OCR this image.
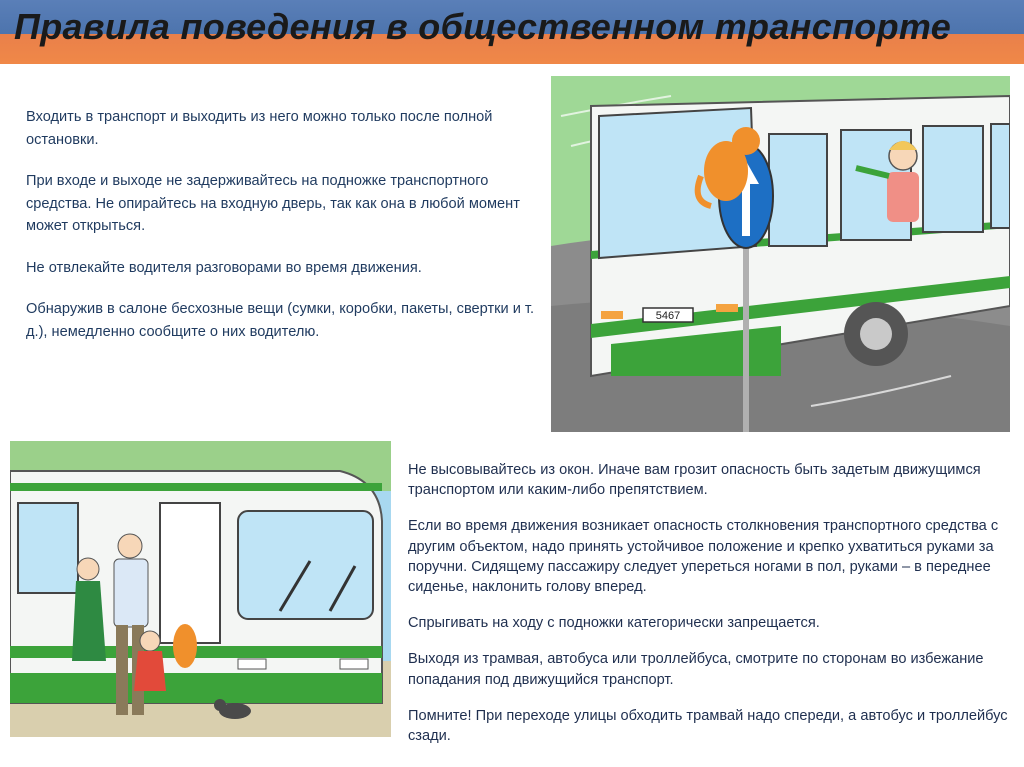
Правила поведения в общественном транспорте

Входить в транспорт и выходить из него можно только после полной остановки.

При входе и выходе не задерживайтесь на подножке транспортного средства. Не опирайтесь на входную дверь, так как она в любой момент может открыться.

Не отвлекайте водителя разговорами во время движения.

Обнаружив в салоне бесхозные вещи (сумки, коробки, пакеты, свертки и т. д.), немедленно сообщите о них водителю.

5467

Не высовывайтесь из окон. Иначе вам грозит опасность быть задетым движущимся транспортом или каким-либо препятствием.

Если во время движения возникает опасность столкновения транспортного средства с другим объектом, надо принять устойчивое положение и крепко ухватиться руками за поручни. Сидящему пассажиру следует упереться ногами в пол, руками – в переднее сиденье, наклонить голову вперед.

Спрыгивать на ходу с подножки категорически запрещается.

Выходя из трамвая, автобуса или троллейбуса, смотрите по сторонам во избежание попадания под движущийся транспорт.

Помните! При переходе улицы обходить трамвай надо спереди, а автобус и троллейбус сзади.
